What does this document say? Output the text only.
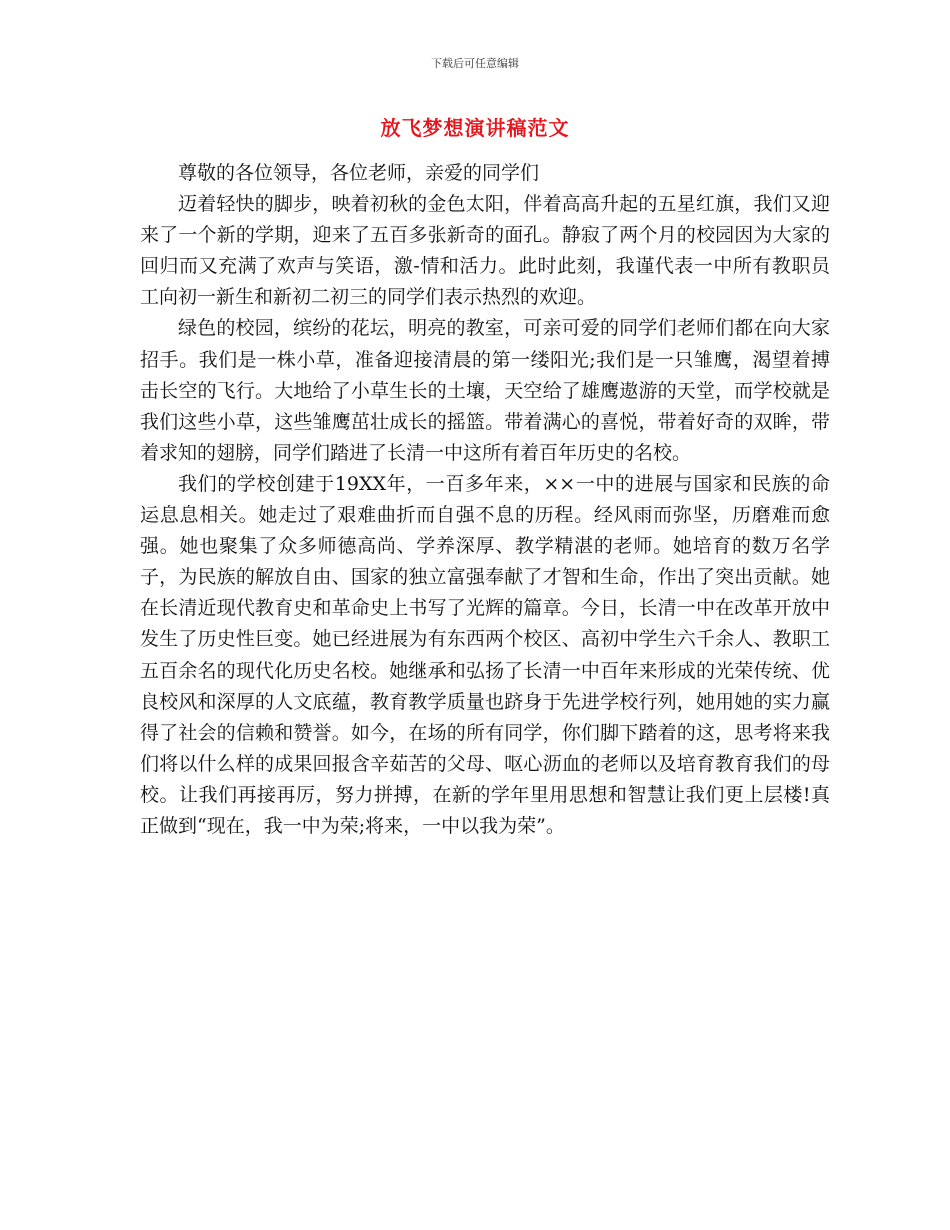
下载后可任意编辑
放飞梦想演讲稿范文

尊敬的各位领导，各位老师，亲爱的同学们

迈着轻快的脚步，映着初秋的金色太阳，伴着高高升起的五星红旗，我们又迎来了一个新的学期，迎来了五百多张新奇的面孔。静寂了两个月的校园因为大家的回归而又充满了欢声与笑语，激-情和活力。此时此刻，我谨代表一中所有教职员工向初一新生和新初二初三的同学们表示热烈的欢迎。

绿色的校园，缤纷的花坛，明亮的教室，可亲可爱的同学们老师们都在向大家招手。我们是一株小草，准备迎接清晨的第一缕阳光;我们是一只雏鹰，渴望着搏击长空的飞行。大地给了小草生长的土壤，天空给了雄鹰遨游的天堂，而学校就是我们这些小草，这些雏鹰茁壮成长的摇篮。带着满心的喜悦，带着好奇的双眸，带着求知的翅膀，同学们踏进了长清一中这所有着百年历史的名校。

我们的学校创建于19XX年，一百多年来，××一中的进展与国家和民族的命运息息相关。她走过了艰难曲折而自强不息的历程。经风雨而弥坚，历磨难而愈强。她也聚集了众多师德高尚、学养深厚、教学精湛的老师。她培育的数万名学子，为民族的解放自由、国家的独立富强奉献了才智和生命，作出了突出贡献。她在长清近现代教育史和革命史上书写了光辉的篇章。今日，长清一中在改革开放中发生了历史性巨变。她已经进展为有东西两个校区、高初中学生六千余人、教职工五百余名的现代化历史名校。她继承和弘扬了长清一中百年来形成的光荣传统、优良校风和深厚的人文底蕴，教育教学质量也跻身于先进学校行列，她用她的实力赢得了社会的信赖和赞誉。如今，在场的所有同学，你们脚下踏着的这，思考将来我们将以什么样的成果回报含辛茹苦的父母、呕心沥血的老师以及培育教育我们的母校。让我们再接再厉，努力拼搏，在新的学年里用思想和智慧让我们更上层楼!真正做到“现在，我一中为荣;将来，一中以我为荣”。
